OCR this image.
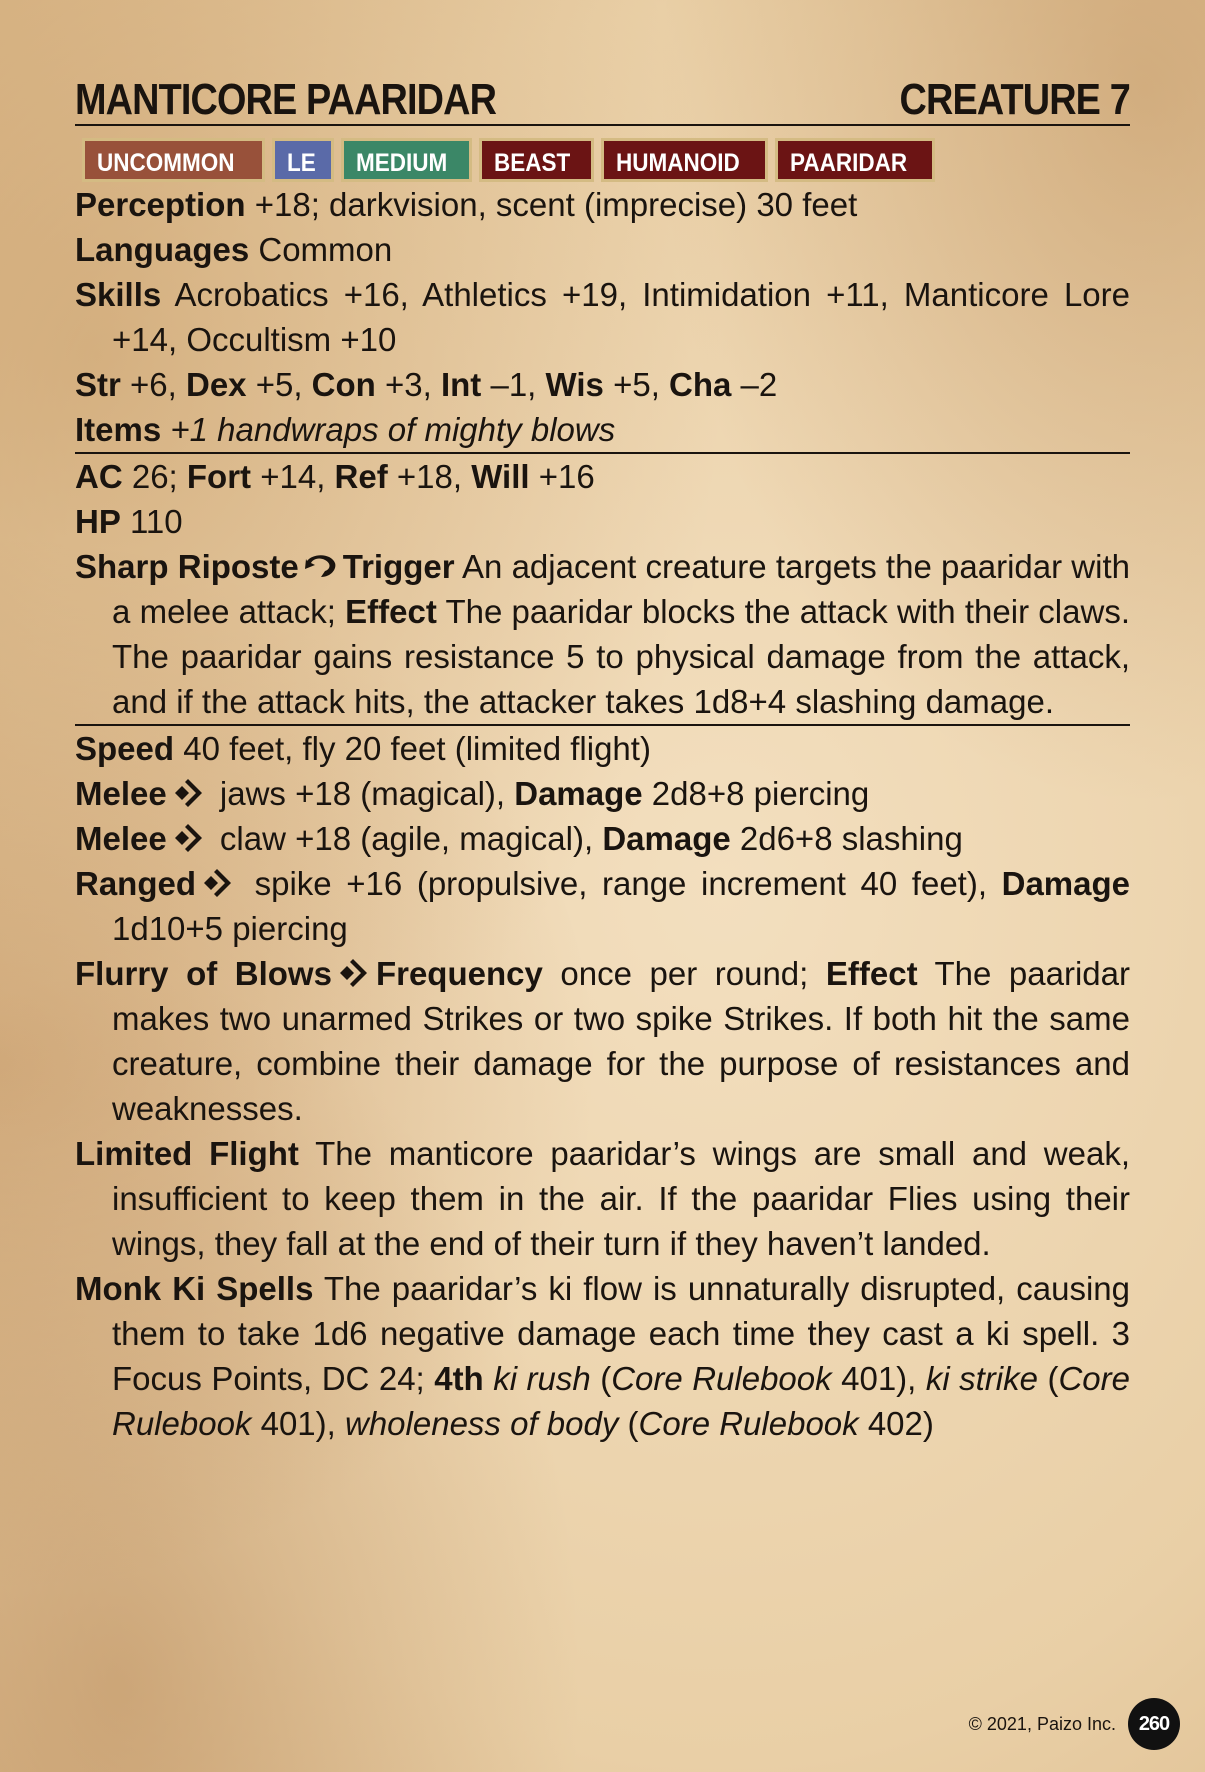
MANTICORE PAARIDAR	CREATURE 7
UNCOMMON	LE	MEDIUM	BEAST	HUMANOID	PAARIDAR
Perception +18; darkvision, scent (imprecise) 30 feet
Languages Common
Skills Acrobatics +16, Athletics +19, Intimidation +11, Manticore Lore +14, Occultism +10
Str +6, Dex +5, Con +3, Int –1, Wis +5, Cha –2
Items +1 handwraps of mighty blows
AC 26; Fort +14, Ref +18, Will +16
HP 110
Sharp Riposte Trigger An adjacent creature targets the paaridar with a melee attack; Effect The paaridar blocks the attack with their claws. The paaridar gains resistance 5 to physical damage from the attack, and if the attack hits, the attacker takes 1d8+4 slashing damage.
Speed 40 feet, fly 20 feet (limited flight)
Melee jaws +18 (magical), Damage 2d8+8 piercing
Melee claw +18 (agile, magical), Damage 2d6+8 slashing
Ranged spike +16 (propulsive, range increment 40 feet), Damage 1d10+5 piercing
Flurry of Blows Frequency once per round; Effect The paaridar makes two unarmed Strikes or two spike Strikes. If both hit the same creature, combine their damage for the purpose of resistances and weaknesses.
Limited Flight The manticore paaridar’s wings are small and weak, insufficient to keep them in the air. If the paaridar Flies using their wings, they fall at the end of their turn if they haven’t landed.
Monk Ki Spells The paaridar’s ki flow is unnaturally disrupted, causing them to take 1d6 negative damage each time they cast a ki spell. 3 Focus Points, DC 24; 4th ki rush (Core Rulebook 401), ki strike (Core Rulebook 401), wholeness of body (Core Rulebook 402)
© 2021, Paizo Inc.	260
